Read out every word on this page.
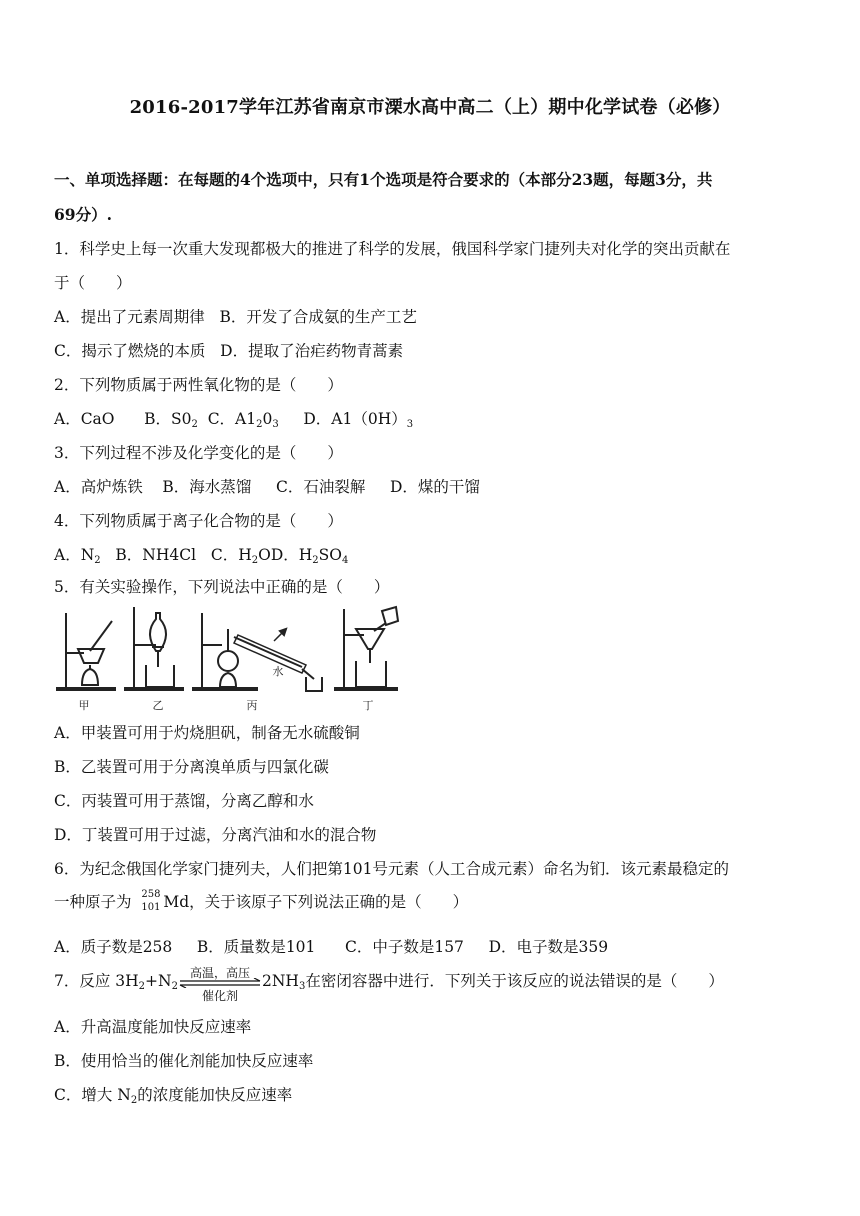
2016-2017学年江苏省南京市溧水高中高二（上）期中化学试卷（必修）
一、单项选择题：在每题的4个选项中，只有1个选项是符合要求的（本部分23题，每题3分，共
69分）.
1．科学史上每一次重大发现都极大的推进了科学的发展，俄国科学家门捷列夫对化学的突出贡献在
于（　　）
A．提出了元素周期律 B．开发了合成氨的生产工艺
C．揭示了燃烧的本质 D．提取了治疟药物青蒿素
2．下列物质属于两性氧化物的是（　　）
A．CaO B．$S0_2$ C．$A1_20_3$ D．$A1(0H)_3$
3．下列过程不涉及化学变化的是（　　）
A．高炉炼铁 B．海水蒸馏 C．石油裂解 D．煤的干馏
4．下列物质属于离子化合物的是（　　）
A．$N_2$ B．NH4Cl C．$H_2OD$．$H_2SO_4$
5．有关实验操作，下列说法中正确的是（　　）
甲	乙	丙	丁
水
A．甲装置可用于灼烧胆矾，制备无水硫酸铜
B．乙装置可用于分离溴单质与四氯化碳
C．丙装置可用于蒸馏，分离乙醇和水
D．丁装置可用于过滤，分离汽油和水的混合物
6．为纪念俄国化学家门捷列夫，人们把第101号元素（人工合成元素）命名为钔．该元素最稳定的
一种原子为 258
101 Md，关于该原子下列说法正确的是（　　）
A．质子数是258 B．质量数是101 C．中子数是157 D．电子数是359
7．反应 $3H_2+N_2$
高温，高压
催化剂
$2NH_3$在密闭容器中进行．下列关于该反应的说法错误的是（　　）
A．升高温度能加快反应速率
B．使用恰当的催化剂能加快反应速率
C．增大 $N_2$的浓度能加快反应速率
